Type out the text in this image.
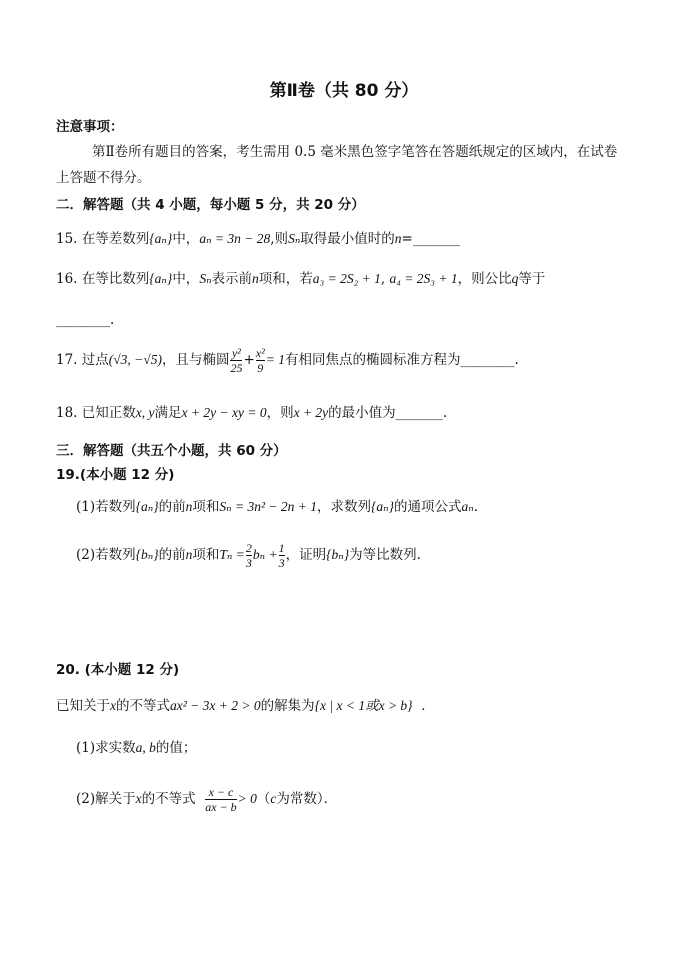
第Ⅱ卷（共 80 分）
注意事项：
第Ⅱ卷所有题目的答案，考生需用 0.5 毫米黑色签字笔答在答题纸规定的区域内，在试卷
上答题不得分。
二．解答题（共 4 小题，每小题 5 分，共 20 分）
15. 在等差数列{aₙ}中，aₙ = 3n − 28,则Sₙ取得最小值时的n=_______
16. 在等比数列{aₙ}中，Sₙ表示前n项和，若a₃ = 2S₂ + 1, a₄ = 2S₃ + 1，则公比q等于
________.
17. 过点(√3, −√5)，且与椭圆 $\frac{\text{y²}}{25} + \frac{\text{x²}}{9} = 1$有相同焦点的椭圆标准方程为________.
18. 已知正数x, y满足x + 2y − xy = 0，则x + 2y的最小值为_______.
三．解答题（共五个小题，共 60 分）
19.(本小题 12 分)
(1)若数列{aₙ}的前n项和Sₙ = 3n² − 2n + 1，求数列{aₙ}的通项公式aₙ.
(2)若数列{bₙ}的前n项和$T_n = \frac{2}{3}$ $b_n + \frac{1}{3}$ ，证明{bₙ}为等比数列.
20. (本小题 12 分)
已知关于x的不等式ax² − 3x + 2 > 0的解集为{x | x < 1或x > b} ．
(1)求实数a, b的值；
(2)解关于x的不等式 $\frac{x - c}{ax - b} > 0(c$为常数）．
